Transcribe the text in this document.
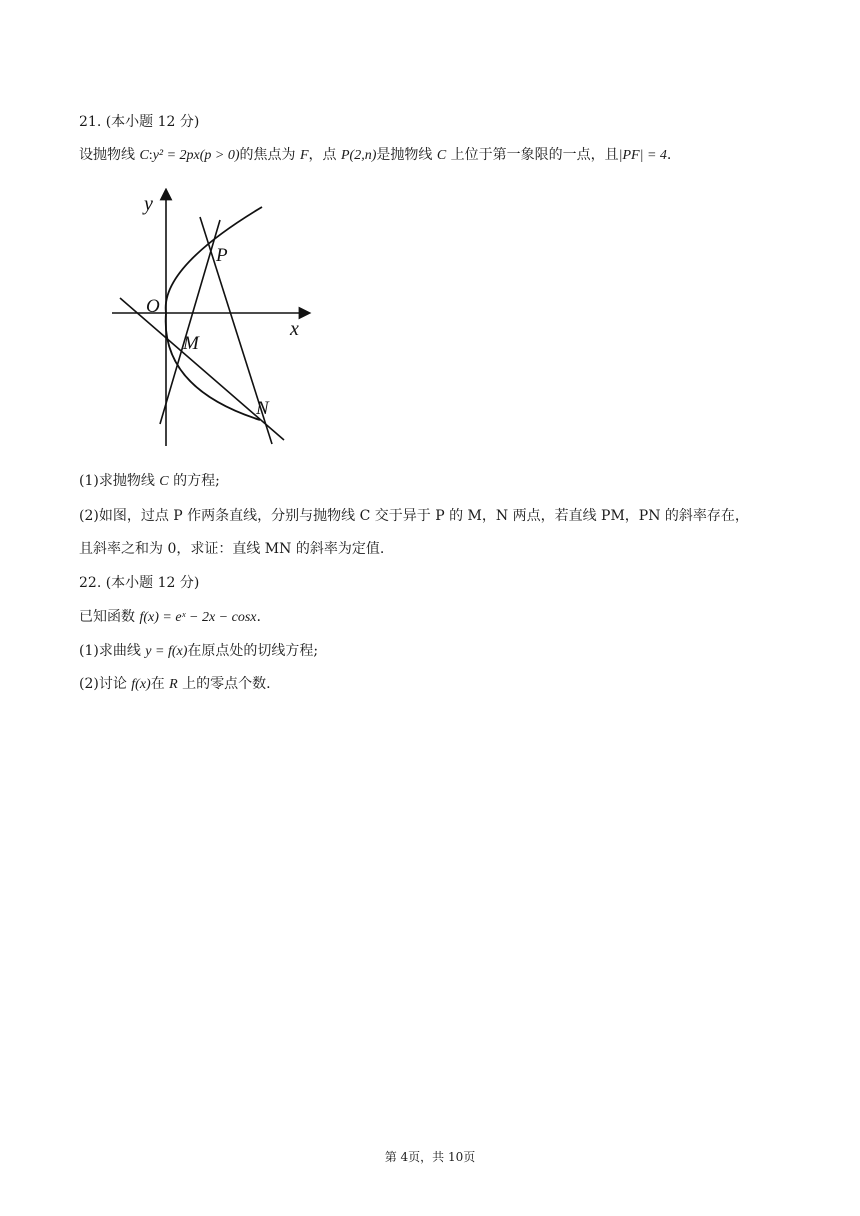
21. (本小题 12 分)
设抛物线 C:y² = 2px(p > 0)的焦点为 F，点 P(2,n)是抛物线 C 上位于第一象限的一点，且|PF| = 4.
y
x
O
P
M
N
(1)求抛物线 C 的方程;
(2)如图，过点 P 作两条直线，分别与抛物线 C 交于异于 P 的 M，N 两点，若直线 PM，PN 的斜率存在，
且斜率之和为 0，求证：直线 MN 的斜率为定值.
22. (本小题 12 分)
已知函数 f(x) = eˣ − 2x − cosx.
(1)求曲线 y = f(x)在原点处的切线方程;
(2)讨论 f(x)在 R 上的零点个数.
第 4页，共 10页
